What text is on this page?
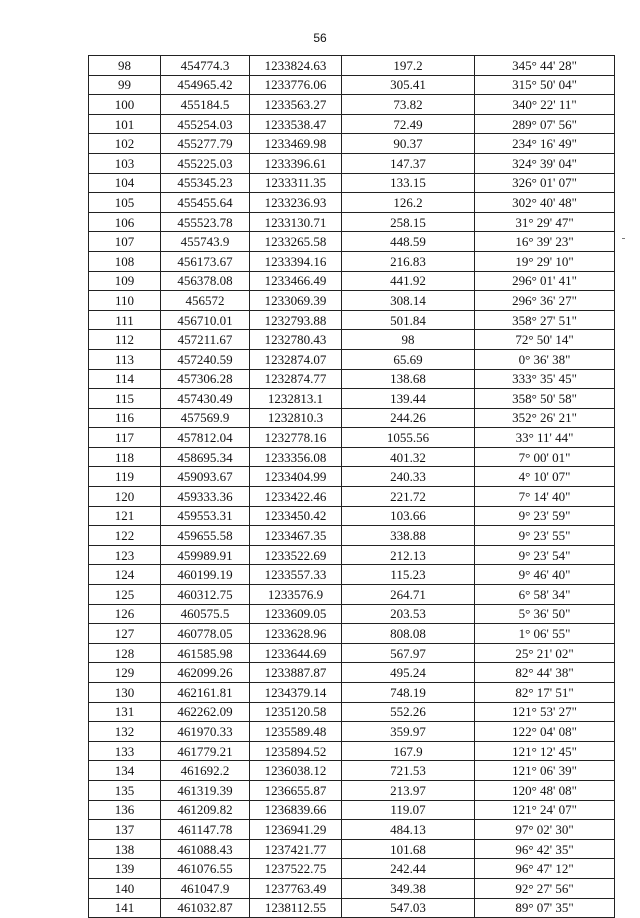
56
98	454774.3	1233824.63	197.2	345° 44' 28"
99	454965.42	1233776.06	305.41	315° 50' 04"
100	455184.5	1233563.27	73.82	340° 22' 11"
101	455254.03	1233538.47	72.49	289° 07' 56"
102	455277.79	1233469.98	90.37	234° 16' 49"
103	455225.03	1233396.61	147.37	324° 39' 04"
104	455345.23	1233311.35	133.15	326° 01' 07"
105	455455.64	1233236.93	126.2	302° 40' 48"
106	455523.78	1233130.71	258.15	31° 29' 47"
107	455743.9	1233265.58	448.59	16° 39' 23"
108	456173.67	1233394.16	216.83	19° 29' 10"
109	456378.08	1233466.49	441.92	296° 01' 41"
110	456572	1233069.39	308.14	296° 36' 27"
111	456710.01	1232793.88	501.84	358° 27' 51"
112	457211.67	1232780.43	98	72° 50' 14"
113	457240.59	1232874.07	65.69	0° 36' 38"
114	457306.28	1232874.77	138.68	333° 35' 45"
115	457430.49	1232813.1	139.44	358° 50' 58"
116	457569.9	1232810.3	244.26	352° 26' 21"
117	457812.04	1232778.16	1055.56	33° 11' 44"
118	458695.34	1233356.08	401.32	7° 00' 01"
119	459093.67	1233404.99	240.33	4° 10' 07"
120	459333.36	1233422.46	221.72	7° 14' 40"
121	459553.31	1233450.42	103.66	9° 23' 59"
122	459655.58	1233467.35	338.88	9° 23' 55"
123	459989.91	1233522.69	212.13	9° 23' 54"
124	460199.19	1233557.33	115.23	9° 46' 40"
125	460312.75	1233576.9	264.71	6° 58' 34"
126	460575.5	1233609.05	203.53	5° 36' 50"
127	460778.05	1233628.96	808.08	1° 06' 55"
128	461585.98	1233644.69	567.97	25° 21' 02"
129	462099.26	1233887.87	495.24	82° 44' 38"
130	462161.81	1234379.14	748.19	82° 17' 51"
131	462262.09	1235120.58	552.26	121° 53' 27"
132	461970.33	1235589.48	359.97	122° 04' 08"
133	461779.21	1235894.52	167.9	121° 12' 45"
134	461692.2	1236038.12	721.53	121° 06' 39"
135	461319.39	1236655.87	213.97	120° 48' 08"
136	461209.82	1236839.66	119.07	121° 24' 07"
137	461147.78	1236941.29	484.13	97° 02' 30"
138	461088.43	1237421.77	101.68	96° 42' 35"
139	461076.55	1237522.75	242.44	96° 47' 12"
140	461047.9	1237763.49	349.38	92° 27' 56"
141	461032.87	1238112.55	547.03	89° 07' 35"
